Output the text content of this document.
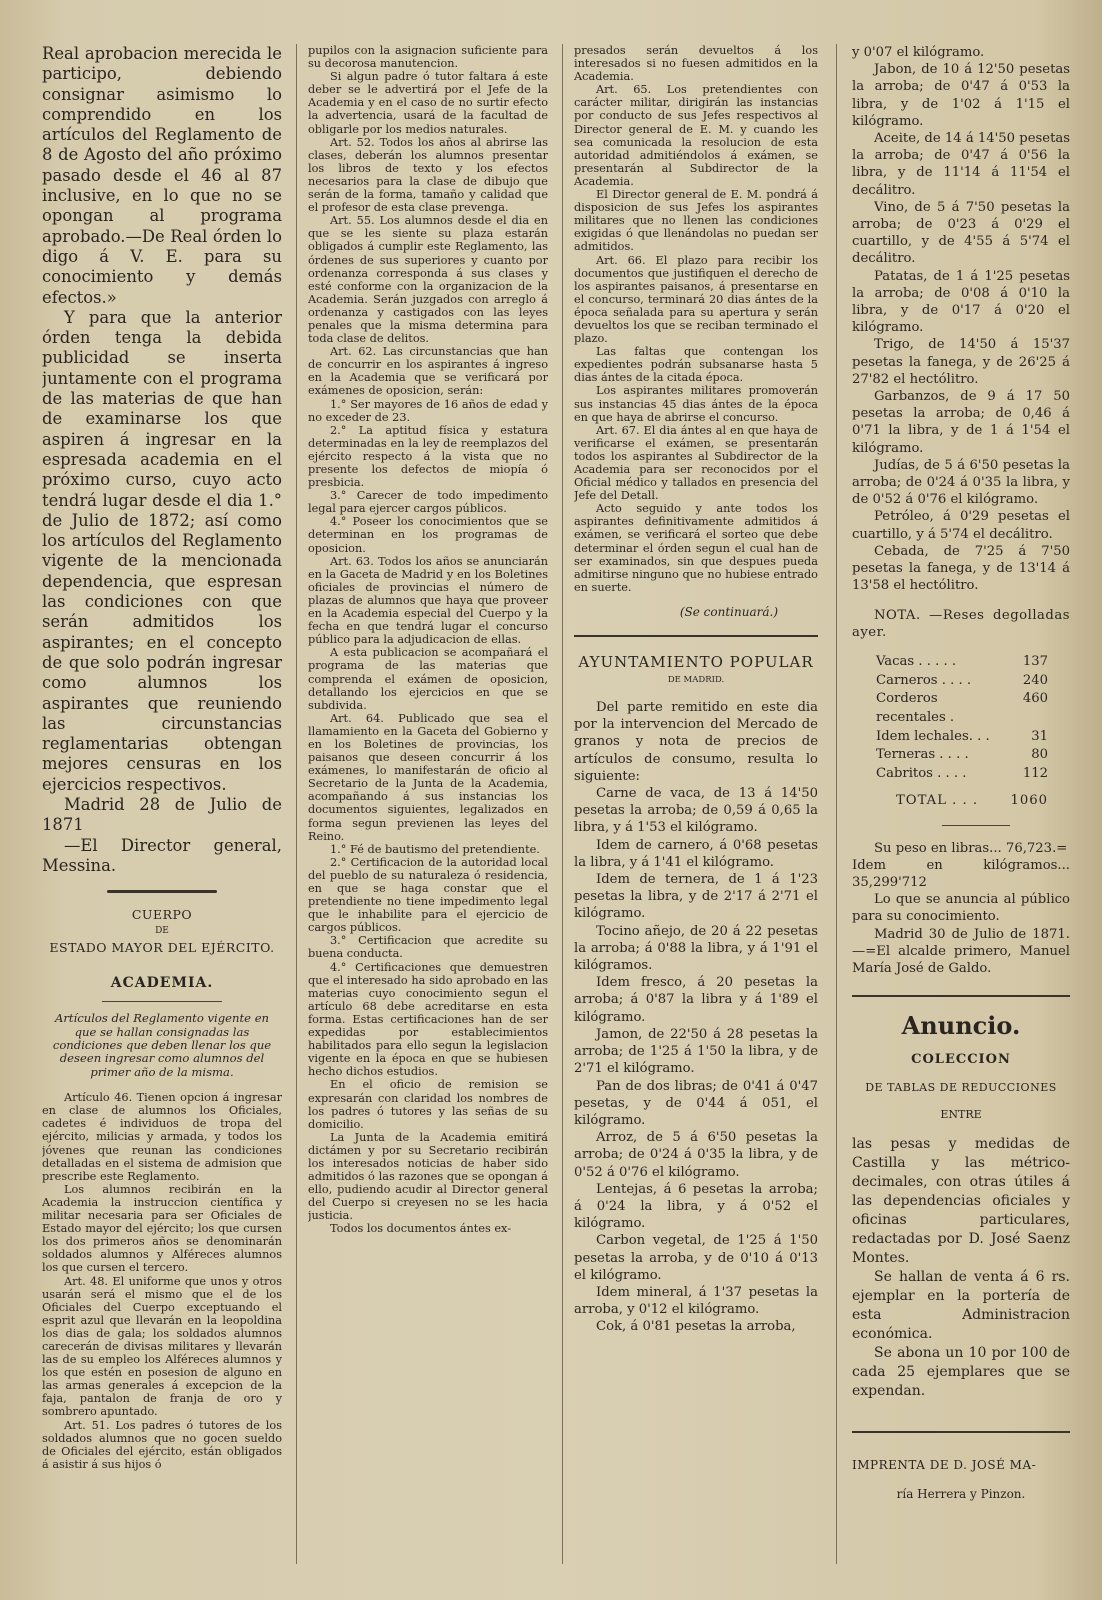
Real aprobacion merecida le participo, debiendo consignar asimismo lo comprendido en los artículos del Reglamento de 8 de Agosto del año próximo pasado desde el 46 al 87 inclusive, en lo que no se opongan al programa aprobado.—De Real órden lo digo á V. E. para su conocimiento y demás efectos.»

Y para que la anterior órden tenga la debida publicidad se inserta juntamente con el programa de las materias de que han de examinarse los que aspiren á ingresar en la espresada academia en el próximo curso, cuyo acto tendrá lugar desde el dia 1.° de Julio de 1872; así como los artículos del Reglamento vigente de la mencionada dependencia, que espresan las condiciones con que serán admitidos los aspirantes; en el concepto de que solo podrán ingresar como alumnos los aspirantes que reuniendo las circunstancias reglamentarias obtengan mejores censuras en los ejercicios respectivos.

Madrid 28 de Julio de 1871

—El Director general, Messina.

CUERPO

DE

ESTADO MAYOR DEL EJÉRCITO.

ACADEMIA.

Artículos del Reglamento vigente en que se hallan consignadas las condiciones que deben llenar los que deseen ingresar como alumnos del primer año de la misma.

Artículo 46. Tienen opcion á ingresar en clase de alumnos los Oficiales, cadetes é individuos de tropa del ejército, milicias y armada, y todos los jóvenes que reunan las condiciones detalladas en el sistema de admision que prescribe este Reglamento.

Los alumnos recibirán en la Academia la instruccion científica y militar necesaria para ser Oficiales de Estado mayor del ejército; los que cursen los dos primeros años se denominarán soldados alumnos y Alféreces alumnos los que cursen el tercero.

Art. 48. El uniforme que unos y otros usarán será el mismo que el de los Oficiales del Cuerpo exceptuando el esprit azul que llevarán en la leopoldina los dias de gala; los soldados alumnos carecerán de divisas militares y llevarán las de su empleo los Alféreces alumnos y los que estén en posesion de alguno en las armas generales á excepcion de la faja, pantalon de franja de oro y sombrero apuntado.

Art. 51. Los padres ó tutores de los soldados alumnos que no gocen sueldo de Oficiales del ejército, están obligados á asistir á sus hijos ó

pupilos con la asignacion suficiente para su decorosa manutencion.

Si algun padre ó tutor faltara á este deber se le advertirá por el Jefe de la Academia y en el caso de no surtir efecto la advertencia, usará de la facultad de obligarle por los medios naturales.

Art. 52. Todos los años al abrirse las clases, deberán los alumnos presentar los libros de texto y los efectos necesarios para la clase de dibujo que serán de la forma, tamaño y calidad que el profesor de esta clase prevenga.

Art. 55. Los alumnos desde el dia en que se les siente su plaza estarán obligados á cumplir este Reglamento, las órdenes de sus superiores y cuanto por ordenanza corresponda á sus clases y esté conforme con la organizacion de la Academia. Serán juzgados con arreglo á ordenanza y castigados con las leyes penales que la misma determina para toda clase de delitos.

Art. 62. Las circunstancias que han de concurrir en los aspirantes á ingreso en la Academia que se verificará por exámenes de oposicion, serán:

1.° Ser mayores de 16 años de edad y no exceder de 23.

2.° La aptitud física y estatura determinadas en la ley de reemplazos del ejército respecto á la vista que no presente los defectos de miopía ó presbicia.

3.° Carecer de todo impedimento legal para ejercer cargos públicos.

4.° Poseer los conocimientos que se determinan en los programas de oposicion.

Art. 63. Todos los años se anunciarán en la Gaceta de Madrid y en los Boletines oficiales de provincias el número de plazas de alumnos que haya que proveer en la Academia especial del Cuerpo y la fecha en que tendrá lugar el concurso público para la adjudicacion de ellas.

A esta publicacion se acompañará el programa de las materias que comprenda el exámen de oposicion, detallando los ejercicios en que se subdivida.

Art. 64. Publicado que sea el llamamiento en la Gaceta del Gobierno y en los Boletines de provincias, los paisanos que deseen concurrir á los exámenes, lo manifestarán de oficio al Secretario de la Junta de la Academia, acompañando á sus instancias los documentos siguientes, legalizados en forma segun previenen las leyes del Reino.

1.° Fé de bautismo del pretendiente.

2.° Certificacion de la autoridad local del pueblo de su naturaleza ó residencia, en que se haga constar que el pretendiente no tiene impedimento legal que le inhabilite para el ejercicio de cargos públicos.

3.° Certificacion que acredite su buena conducta.

4.° Certificaciones que demuestren que el interesado ha sido aprobado en las materias cuyo conocimiento segun el artículo 68 debe acreditarse en esta forma. Estas certificaciones han de ser expedidas por establecimientos habilitados para ello segun la legislacion vigente en la época en que se hubiesen hecho dichos estudios.

En el oficio de remision se expresarán con claridad los nombres de los padres ó tutores y las señas de su domicilio.

La Junta de la Academia emitirá dictámen y por su Secretario recibirán los interesados noticias de haber sido admitidos ó las razones que se opongan á ello, pudiendo acudir al Director general del Cuerpo si creyesen no se les hacia justicia.

Todos los documentos ántes ex-

presados serán devueltos á los interesados si no fuesen admitidos en la Academia.

Art. 65. Los pretendientes con carácter militar, dirigirán las instancias por conducto de sus Jefes respectivos al Director general de E. M. y cuando les sea comunicada la resolucion de esta autoridad admitiéndolos á exámen, se presentarán al Subdirector de la Academia.

El Director general de E. M. pondrá á disposicion de sus Jefes los aspirantes militares que no llenen las condiciones exigidas ó que llenándolas no puedan ser admitidos.

Art. 66. El plazo para recibir los documentos que justifiquen el derecho de los aspirantes paisanos, á presentarse en el concurso, terminará 20 dias ántes de la época señalada para su apertura y serán devueltos los que se reciban terminado el plazo.

Las faltas que contengan los expedientes podrán subsanarse hasta 5 dias ántes de la citada época.

Los aspirantes militares promoverán sus instancias 45 dias ántes de la época en que haya de abrirse el concurso.

Art. 67. El dia ántes al en que haya de verificarse el exámen, se presentarán todos los aspirantes al Subdirector de la Academia para ser reconocidos por el Oficial médico y tallados en presencia del Jefe del Detall.

Acto seguido y ante todos los aspirantes definitivamente admitidos á exámen, se verificará el sorteo que debe determinar el órden segun el cual han de ser examinados, sin que despues pueda admitirse ninguno que no hubiese entrado en suerte.

(Se continuará.)

AYUNTAMIENTO POPULAR

DE MADRID.

Del parte remitido en este dia por la intervencion del Mercado de granos y nota de precios de artículos de consumo, resulta lo siguiente:

Carne de vaca, de 13 á 14'50 pesetas la arroba; de 0,59 á 0,65 la libra, y á 1'53 el kilógramo.

Idem de carnero, á 0'68 pesetas la libra, y á 1'41 el kilógramo.

Idem de ternera, de 1 á 1'23 pesetas la libra, y de 2'17 á 2'71 el kilógramo.

Tocino añejo, de 20 á 22 pesetas la arroba; á 0'88 la libra, y á 1'91 el kilógramos.

Idem fresco, á 20 pesetas la arroba; á 0'87 la libra y á 1'89 el kilógramo.

Jamon, de 22'50 á 28 pesetas la arroba; de 1'25 á 1'50 la libra, y de 2'71 el kilógramo.

Pan de dos libras; de 0'41 á 0'47 pesetas, y de 0'44 á 051, el kilógramo.

Arroz, de 5 á 6'50 pesetas la arroba; de 0'24 á 0'35 la libra, y de 0'52 á 0'76 el kilógramo.

Lentejas, á 6 pesetas la arroba; á 0'24 la libra, y á 0'52 el kilógramo.

Carbon vegetal, de 1'25 á 1'50 pesetas la arroba, y de 0'10 á 0'13 el kilógramo.

Idem mineral, á 1'37 pesetas la arroba, y 0'12 el kilógramo.

Cok, á 0'81 pesetas la arroba,

y 0'07 el kilógramo.

Jabon, de 10 á 12'50 pesetas la arroba; de 0'47 á 0'53 la libra, y de 1'02 á 1'15 el kilógramo.

Aceite, de 14 á 14'50 pesetas la arroba; de 0'47 á 0'56 la libra, y de 11'14 á 11'54 el decálitro.

Vino, de 5 á 7'50 pesetas la arroba; de 0'23 á 0'29 el cuartillo, y de 4'55 á 5'74 el decálitro.

Patatas, de 1 á 1'25 pesetas la arroba; de 0'08 á 0'10 la libra, y de 0'17 á 0'20 el kilógramo.

Trigo, de 14'50 á 15'37 pesetas la fanega, y de 26'25 á 27'82 el hectólitro.

Garbanzos, de 9 á 17 50 pesetas la arroba; de 0,46 á 0'71 la libra, y de 1 á 1'54 el kilógramo.

Judías, de 5 á 6'50 pesetas la arroba; de 0'24 á 0'35 la libra, y de 0'52 á 0'76 el kilógramo.

Petróleo, á 0'29 pesetas el cuartillo, y á 5'74 el decálitro.

Cebada, de 7'25 á 7'50 pesetas la fanega, y de 13'14 á 13'58 el hectólitro.

NOTA. —Reses degolladas ayer.

Vacas . . . . .	137
Carneros . . . .	240
Corderos recentales .
460
Idem lechales. . .	31
Terneras . . . .	80
Cabritos . . . .	112
TOTAL . . .	1060

Su peso en libras... 76,723.=

Idem en kilógramos... 35,299'712

Lo que se anuncia al público para su conocimiento.

Madrid 30 de Julio de 1871.—=El alcalde primero, Manuel María José de Galdo.

Anuncio.

COLECCION

DE TABLAS DE REDUCCIONES

ENTRE

las pesas y medidas de Castilla y las métrico-decimales, con otras útiles á las dependencias oficiales y oficinas particulares, redactadas por D. José Saenz Montes.

Se hallan de venta á 6 rs. ejemplar en la portería de esta Administracion económica.

Se abona un 10 por 100 de cada 25 ejemplares que se expendan.

IMPRENTA DE D. JOSÉ MA-

ría Herrera y Pinzon.
